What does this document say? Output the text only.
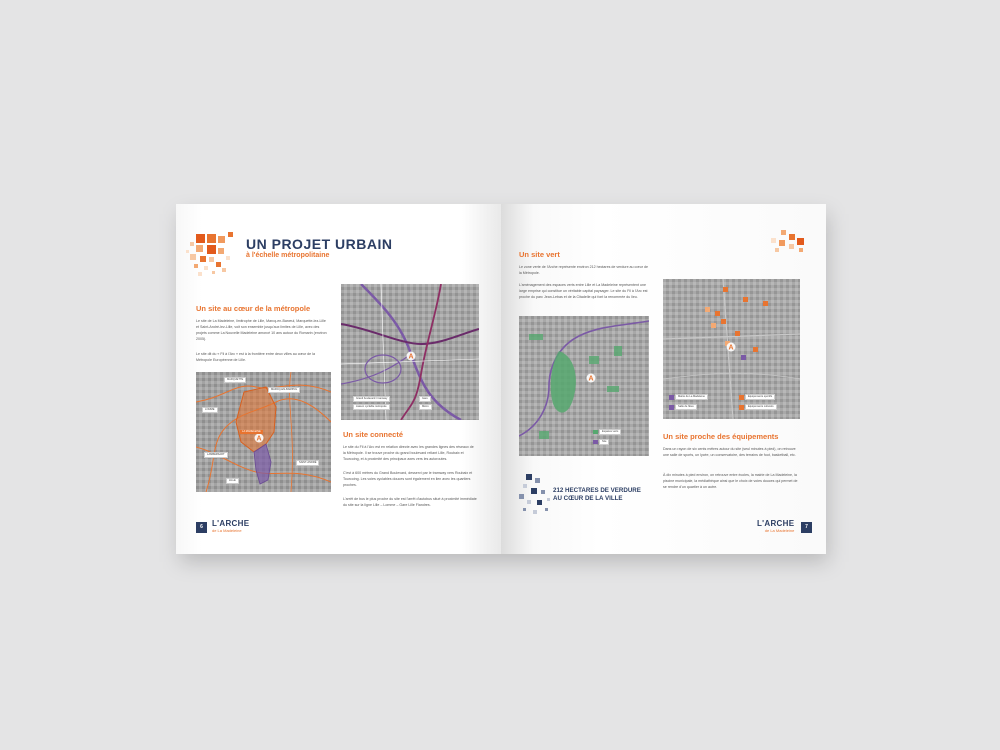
UN PROJET URBAIN
à l'échelle métropolitaine
Un site au cœur de la métropole
Le site de La Madeleine, limitrophe de Lille, Marcq-en-Barœul, Marquette-lez-Lille et Saint-André-lez-Lille, voit son ensemble jusqu'aux limites de Lille, avec des projets comme La Nouvelle Madeleine amorcé 10 ans autour du Romarin (environ 2005).
Le site dit du « Fil à l'Arc » est à la frontière entre deux villes au cœur de la Métropole Européenne de Lille.
A
MARQUETTE
MARCQ-EN-BARŒUL
LA MADELEINE
LAMBERSART
SAINT-ANDRÉ
LILLE
LOMME
A
Grand boulevard / tramway
Liaison cyclable métropole
Gare
Métro
Un site connecté
Le site du Fil à l'Arc est en relation directe avec les grandes lignes des réseaux de la Métropole. Il se trouve proche du grand boulevard reliant Lille, Roubaix et Tourcoing, et à proximité des principaux axes vers les autoroutes.
C'est à 600 mètres du Grand Boulevard, desservi par le tramway vers Roubaix et Tourcoing. Les voies cyclables douces sont également en lien avec les quartiers proches.
L'arrêt de bus le plus proche du site est l'arrêt d'autobus situé à proximité immédiate du site sur la ligne Lille – Lomme – Gare Lille Flandres.
6	L'ARCHE
de La Madeleine
Un site vert
Le zone verte de l'Arche représente environ 212 hectares de verdure au cœur de la Métropole.
L'aménagement des espaces verts entre Lille et La Madeleine représentent une large emprise qui constitue un véritable capital paysager. Le site du Fil à l'Arc est proche du parc Jean-Lebas et de la Citadelle qui font la renommée du lieu.
A
Espaces verts
Site
212 HECTARES DE VERDURE
AU CŒUR DE LA VILLE
A
Mairie de La Madeleine
Salle de fêtes
Équipements sportifs
Équipements culturels
Un site proche des équipements
Dans un rayon de six cents mètres autour du site (seul minutes à pied), on retrouve une salle de sports, un lycée, un conservatoire, des terrains de foot, basketball, etc.
À dix minutes à pied environ, on retrouve entre écoles, la mairie de La Madeleine, la piscine municipale, la médiathèque ainsi que le choix de voies douces qui permet de se rendre d'un quartier à un autre.
L'ARCHE
de La Madeleine
7
